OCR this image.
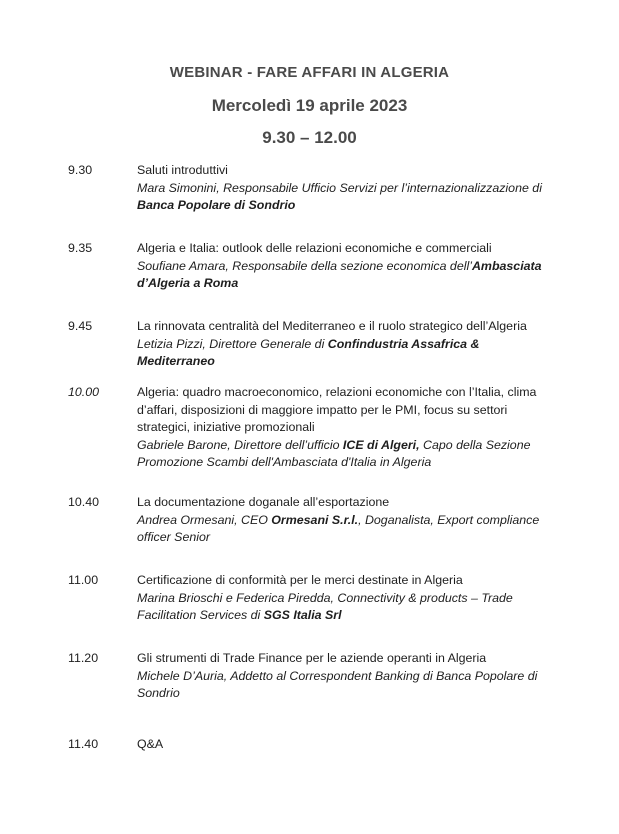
WEBINAR - FARE AFFARI IN ALGERIA
Mercoledì 19 aprile 2023
9.30 – 12.00
9.30	Saluti introduttivi
Mara Simonini, Responsabile Ufficio Servizi per l’internazionalizzazione di Banca Popolare di Sondrio
9.35	Algeria e Italia: outlook delle relazioni economiche e commerciali
Soufiane Amara, Responsabile della sezione economica dell’Ambasciata d’Algeria a Roma
9.45	La rinnovata centralità del Mediterraneo e il ruolo strategico dell’Algeria
Letizia Pizzi, Direttore Generale di Confindustria Assafrica & Mediterraneo
10.00	Algeria: quadro macroeconomico, relazioni economiche con l’Italia, clima d’affari, disposizioni di maggiore impatto per le PMI, focus su settori strategici, iniziative promozionali
Gabriele Barone, Direttore dell’ufficio ICE di Algeri, Capo della Sezione Promozione Scambi dell'Ambasciata d'Italia in Algeria
10.40	La documentazione doganale all’esportazione
Andrea Ormesani, CEO Ormesani S.r.l., Doganalista, Export compliance officer Senior
11.00	Certificazione di conformità per le merci destinate in Algeria
Marina Brioschi e Federica Piredda, Connectivity & products – Trade Facilitation Services di SGS Italia Srl
11.20	Gli strumenti di Trade Finance per le aziende operanti in Algeria
Michele D’Auria, Addetto al Correspondent Banking di Banca Popolare di Sondrio
11.40	Q&A
